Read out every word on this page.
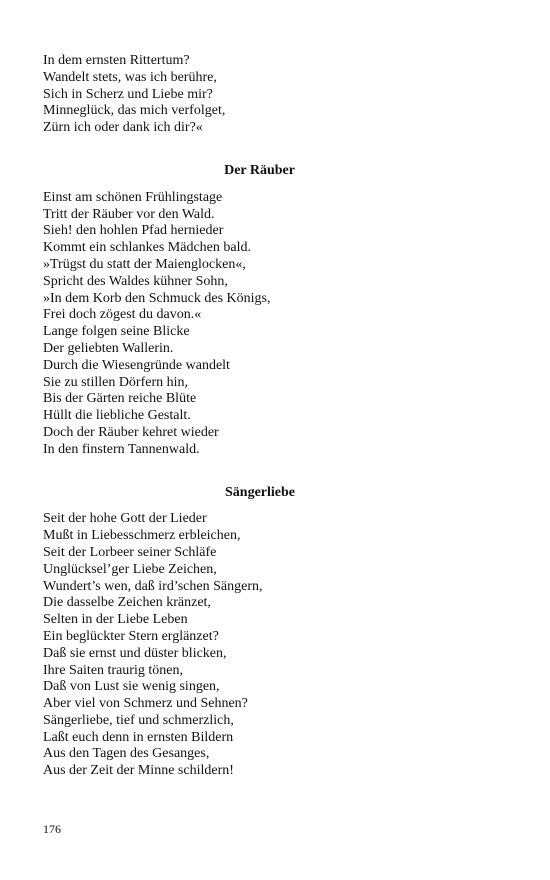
In dem ernsten Rittertum?
Wandelt stets, was ich berühre,
Sich in Scherz und Liebe mir?
Minneglück, das mich verfolget,
Zürn ich oder dank ich dir?«
Der Räuber
Einst am schönen Frühlingstage
Tritt der Räuber vor den Wald.
Sieh! den hohlen Pfad hernieder
Kommt ein schlankes Mädchen bald.
»Trügst du statt der Maienglocken«,
Spricht des Waldes kühner Sohn,
»In dem Korb den Schmuck des Königs,
Frei doch zögest du davon.«
Lange folgen seine Blicke
Der geliebten Wallerin.
Durch die Wiesengründe wandelt
Sie zu stillen Dörfern hin,
Bis der Gärten reiche Blüte
Hüllt die liebliche Gestalt.
Doch der Räuber kehret wieder
In den finstern Tannenwald.
Sängerliebe
Seit der hohe Gott der Lieder
Mußt in Liebesschmerz erbleichen,
Seit der Lorbeer seiner Schläfe
Unglücksel’ger Liebe Zeichen,
Wundert’s wen, daß ird’schen Sängern,
Die dasselbe Zeichen kränzet,
Selten in der Liebe Leben
Ein beglückter Stern erglänzet?
Daß sie ernst und düster blicken,
Ihre Saiten traurig tönen,
Daß von Lust sie wenig singen,
Aber viel von Schmerz und Sehnen?
Sängerliebe, tief und schmerzlich,
Laßt euch denn in ernsten Bildern
Aus den Tagen des Gesanges,
Aus der Zeit der Minne schildern!
176
